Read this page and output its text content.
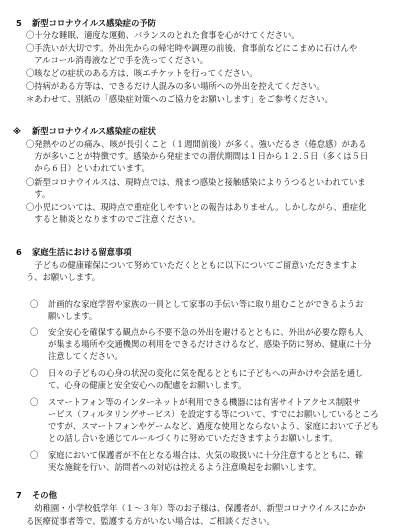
5 新型コロナウイルス感染症の予防
〇十分な睡眠、適度な運動、バランスのとれた食事を心がけてください。
〇手洗いが大切です。外出先からの帰宅時や調理の前後、食事前などにこまめに石けんや
　アルコール消毒液などで手を洗ってください。
〇咳などの症状のある方は、咳エチケットを行ってください。
〇持病がある方等は、できるだけ人混みの多い場所への外出を控えてください。
＊あわせて、別紙の「感染症対策へのご協力をお願いします」をご参考ください。
※ 新型コロナウイルス感染症の症状
〇発熱やのどの痛み、咳が長引くこと（１週間前後）が多く、強いだるさ（倦怠感）がある
　方が多いことが特徴です。感染から発症までの潜伏期間は１日から１２.５日（多くは５日
　から６日）といわれています。
〇新型コロナウイルスは、現時点では、飛まつ感染と接触感染によりうつるといわれていま
　す。
〇小児については、現時点で重症化しやすいとの報告はありません。しかしながら、重症化
　すると肺炎となりますのでご注意ください。
6 家庭生活における留意事項
　子どもの健康確保について努めていただくとともに以下についてご留意いただきますよ
う、お願いします。
〇 計画的な家庭学習や家族の一員として家事の手伝い等に取り組むことができるようお
願いします。
〇 安全安心を確保する観点から不要不急の外出を避けるとともに、外出が必要な際も人
が集まる場所や交通機関の利用をできるだけさけるなど、感染予防に努め、健康に十分
注意してください。
〇 日々の子どもの心身の状況の変化に気を配るとともに子どもへの声かけや会話を通し
て、心身の健康と安全安心への配慮をお願いします。
〇 スマートフォン等のインターネットが利用できる機器には有害サイトアクセス制限サ
ービス（フィルタリングサービス）を設定する等について、すでにお願いしているところ
ですが、スマートフォンやゲームなど、過度な使用とならないよう、家庭において子ども
との話し合いを通じてルールづくりに努めていただきますようお願いします。
〇 家庭において保護者が不在となる場合は、火気の取扱いに十分注意するとともに、確
実な施錠を行い、訪問者への対応は控えるよう注意喚起をお願いします。
7 その他
　幼稚園・小学校低学年（１〜３年）等のお子様は、保護者が、新型コロナウイルスにかか
る医療従事者等で、監護する方がいない場合は、ご相談ください。
